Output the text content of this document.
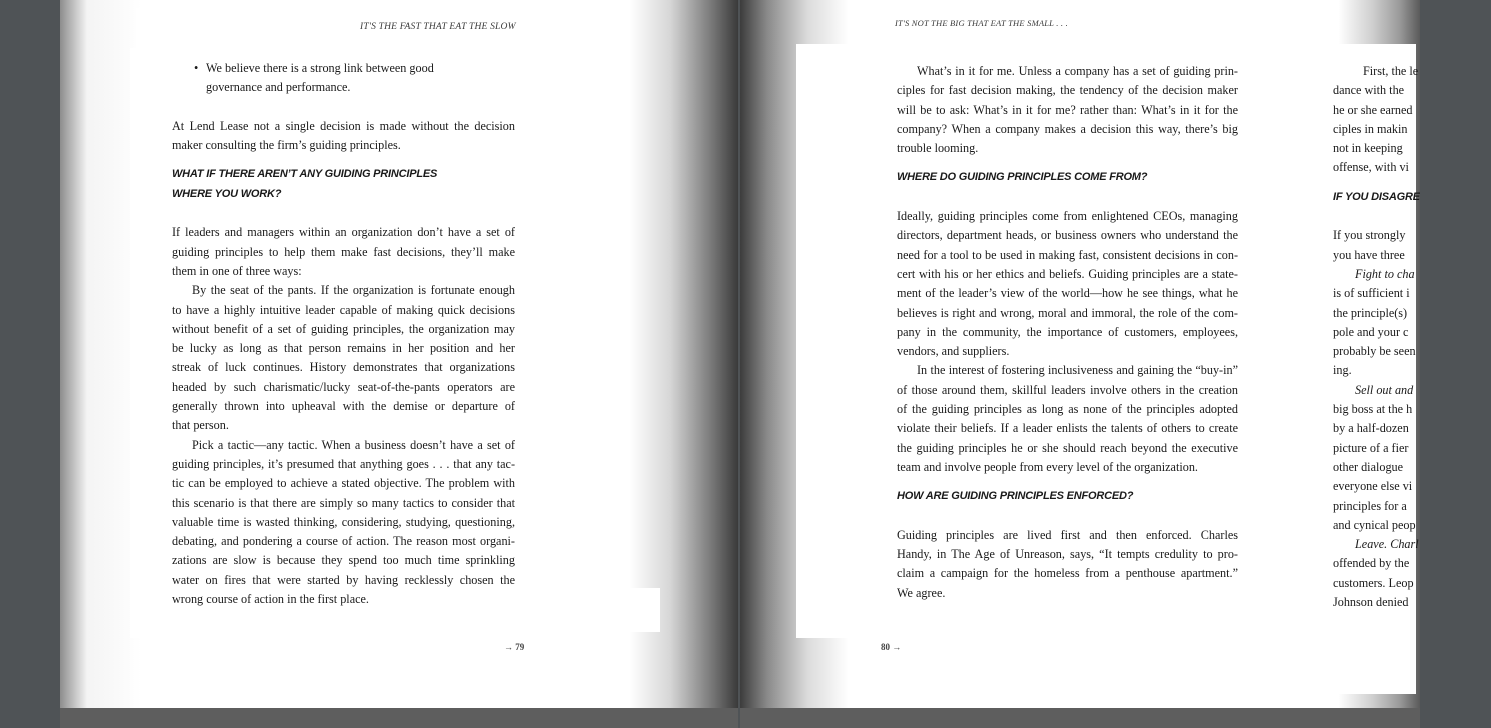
IT'S THE FAST THAT EAT THE SLOW
• We believe there is a strong link between good
governance and performance.
At Lend Lease not a single decision is made without the decision
maker consulting the firm’s guiding principles.
WHAT IF THERE AREN’T ANY GUIDING PRINCIPLES
WHERE YOU WORK?
If leaders and managers within an organization don’t have a set of
guiding principles to help them make fast decisions, they’ll make
them in one of three ways:
By the seat of the pants. If the organization is fortunate enough
to have a highly intuitive leader capable of making quick decisions
without benefit of a set of guiding principles, the organization may
be lucky as long as that person remains in her position and her
streak of luck continues. History demonstrates that organizations
headed by such charismatic/lucky seat-of-the-pants operators are
generally thrown into upheaval with the demise or departure of
that person.
Pick a tactic—any tactic. When a business doesn’t have a set of
guiding principles, it’s presumed that anything goes . . . that any tac-
tic can be employed to achieve a stated objective. The problem with
this scenario is that there are simply so many tactics to consider that
valuable time is wasted thinking, considering, studying, questioning,
debating, and pondering a course of action. The reason most organi-
zations are slow is because they spend too much time sprinkling
water on fires that were started by having recklessly chosen the
wrong course of action in the first place.
→ 79
IT'S NOT THE BIG THAT EAT THE SMALL . . .
What’s in it for me. Unless a company has a set of guiding prin-
ciples for fast decision making, the tendency of the decision maker
will be to ask: What’s in it for me? rather than: What’s in it for the
company? When a company makes a decision this way, there’s big
trouble looming.
WHERE DO GUIDING PRINCIPLES COME FROM?
Ideally, guiding principles come from enlightened CEOs, managing
directors, department heads, or business owners who understand the
need for a tool to be used in making fast, consistent decisions in con-
cert with his or her ethics and beliefs. Guiding principles are a state-
ment of the leader’s view of the world—how he see things, what he
believes is right and wrong, moral and immoral, the role of the com-
pany in the community, the importance of customers, employees,
vendors, and suppliers.
In the interest of fostering inclusiveness and gaining the “buy-in”
of those around them, skillful leaders involve others in the creation
of the guiding principles as long as none of the principles adopted
violate their beliefs. If a leader enlists the talents of others to create
the guiding principles he or she should reach beyond the executive
team and involve people from every level of the organization.
HOW ARE GUIDING PRINCIPLES ENFORCED?
Guiding principles are lived first and then enforced. Charles
Handy, in The Age of Unreason, says, “It tempts credulity to pro-
claim a campaign for the homeless from a penthouse apartment.”
We agree.
80 →
First, the le
dance with the
he or she earned
ciples in makin
not in keeping
offense, with vi
IF YOU DISAGRE
If you strongly
you have three
Fight to cha
is of sufficient i
the principle(s)
pole and your c
probably be seen
ing.
Sell out and
big boss at the h
by a half-dozen
picture of a fier
other dialogue
everyone else vi
principles for a
and cynical peop
Leave. Charl
offended by the
customers. Leop
Johnson denied
